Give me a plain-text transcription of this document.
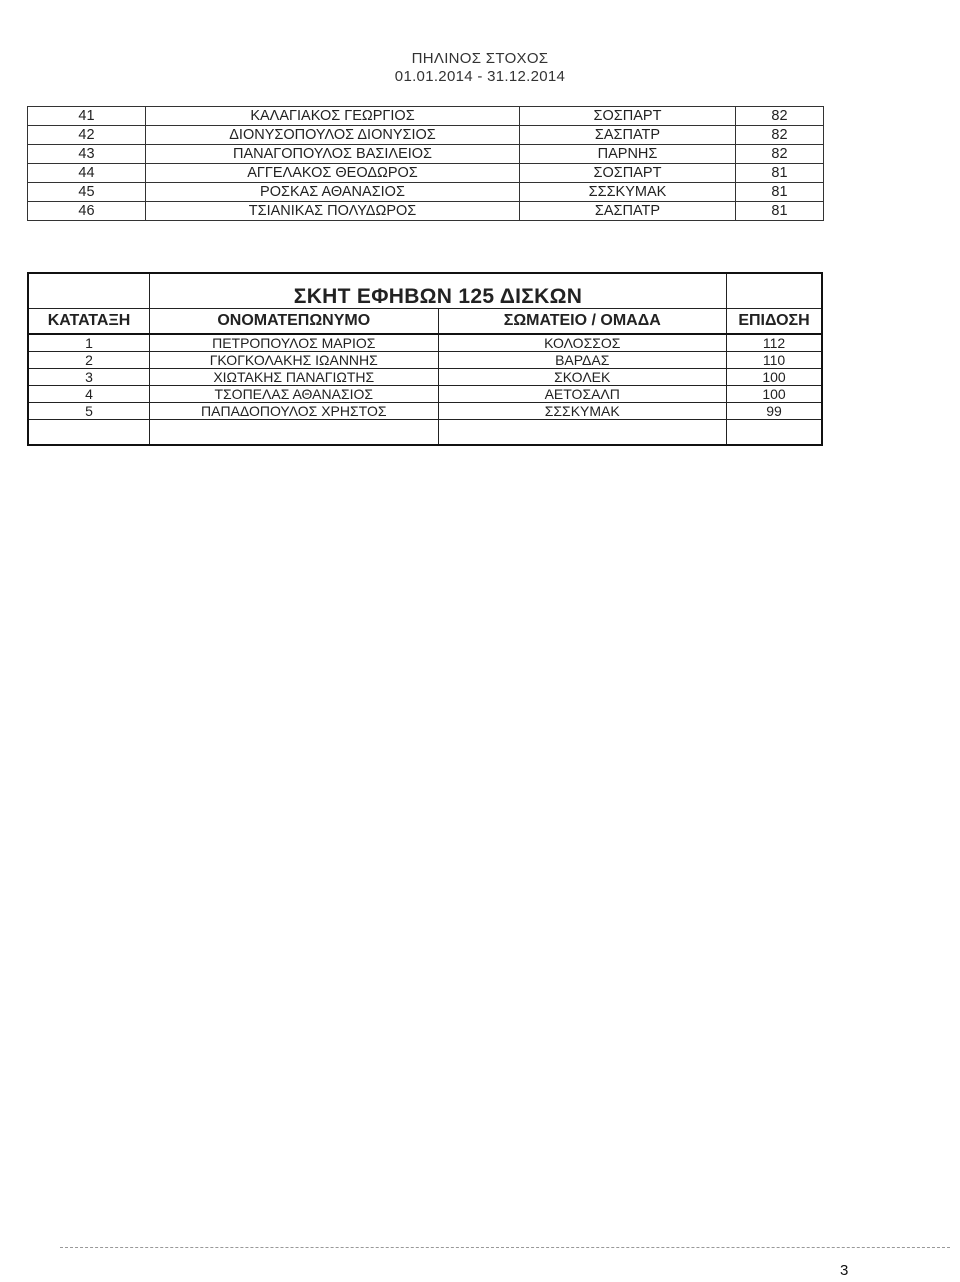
ΠΗΛΙΝΟΣ ΣΤΟΧΟΣ
01.01.2014 - 31.12.2014
41	ΚΑΛΑΓΙΑΚΟΣ ΓΕΩΡΓΙΟΣ	ΣΟΣΠΑΡΤ	82
42	ΔΙΟΝΥΣΟΠΟΥΛΟΣ ΔΙΟΝΥΣΙΟΣ	ΣΑΣΠΑΤΡ	82
43	ΠΑΝΑΓΟΠΟΥΛΟΣ ΒΑΣΙΛΕΙΟΣ	ΠΑΡΝΗΣ	82
44	ΑΓΓΕΛΑΚΟΣ ΘΕΟΔΩΡΟΣ	ΣΟΣΠΑΡΤ	81
45	ΡΟΣΚΑΣ ΑΘΑΝΑΣΙΟΣ	ΣΣΣΚΥΜΑΚ	81
46	ΤΣΙΑΝΙΚΑΣ ΠΟΛΥΔΩΡΟΣ	ΣΑΣΠΑΤΡ	81
	ΣΚΗΤ ΕΦΗΒΩΝ 125 ΔΙΣΚΩΝ		
ΚΑΤΑΤΑΞΗ	ΟΝΟΜΑΤΕΠΩΝΥΜΟ	ΣΩΜΑΤΕΙΟ / ΟΜΑΔΑ	ΕΠΙΔΟΣΗ
1	ΠΕΤΡΟΠΟΥΛΟΣ ΜΑΡΙΟΣ	ΚΟΛΟΣΣΟΣ	112
2	ΓΚΟΓΚΟΛΑΚΗΣ ΙΩΑΝΝΗΣ	ΒΑΡΔΑΣ	110
3	ΧΙΩΤΑΚΗΣ ΠΑΝΑΓΙΩΤΗΣ	ΣΚΟΛΕΚ	100
4	ΤΣΟΠΕΛΑΣ ΑΘΑΝΑΣΙΟΣ	ΑΕΤΟΣΑΛΠ	100
5	ΠΑΠΑΔΟΠΟΥΛΟΣ ΧΡΗΣΤΟΣ	ΣΣΣΚΥΜΑΚ	99

3
